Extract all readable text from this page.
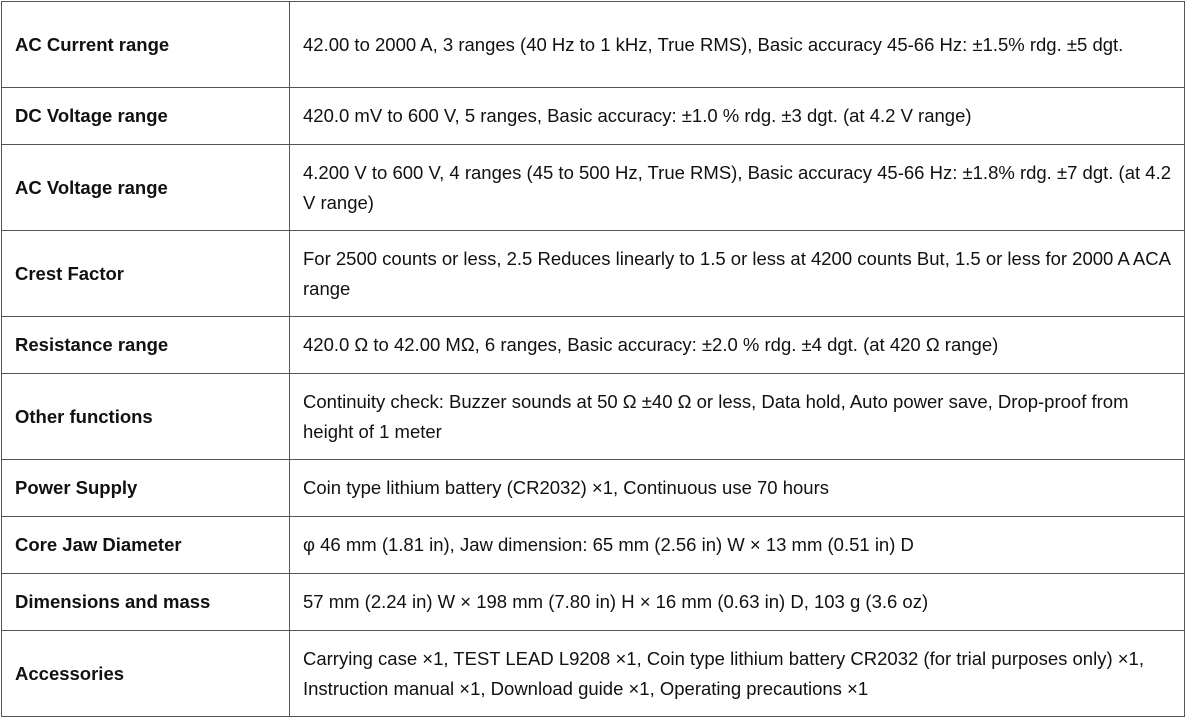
AC Current range	42.00 to 2000 A, 3 ranges (40 Hz to 1 kHz, True RMS), Basic accuracy 45-66 Hz: ±1.5% rdg. ±5 dgt.
DC Voltage range	420.0 mV to 600 V, 5 ranges, Basic accuracy: ±1.0 % rdg. ±3 dgt. (at 4.2 V range)
AC Voltage range	4.200 V to 600 V, 4 ranges (45 to 500 Hz, True RMS), Basic accuracy 45-66 Hz: ±1.8% rdg. ±7 dgt. (at 4.2 V range)
Crest Factor	For 2500 counts or less, 2.5 Reduces linearly to 1.5 or less at 4200 counts But, 1.5 or less for 2000 A ACA range
Resistance range	420.0 Ω to 42.00 MΩ, 6 ranges, Basic accuracy: ±2.0 % rdg. ±4 dgt. (at 420 Ω range)
Other functions	Continuity check: Buzzer sounds at 50 Ω ±40 Ω or less, Data hold, Auto power save, Drop-proof from height of 1 meter
Power Supply	Coin type lithium battery (CR2032) ×1, Continuous use 70 hours
Core Jaw Diameter	φ 46 mm (1.81 in), Jaw dimension: 65 mm (2.56 in) W × 13 mm (0.51 in) D
Dimensions and mass	57 mm (2.24 in) W × 198 mm (7.80 in) H × 16 mm (0.63 in) D, 103 g (3.6 oz)
Accessories	Carrying case ×1, TEST LEAD L9208 ×1, Coin type lithium battery CR2032 (for trial purposes only) ×1, Instruction manual ×1, Download guide ×1, Operating precautions ×1
